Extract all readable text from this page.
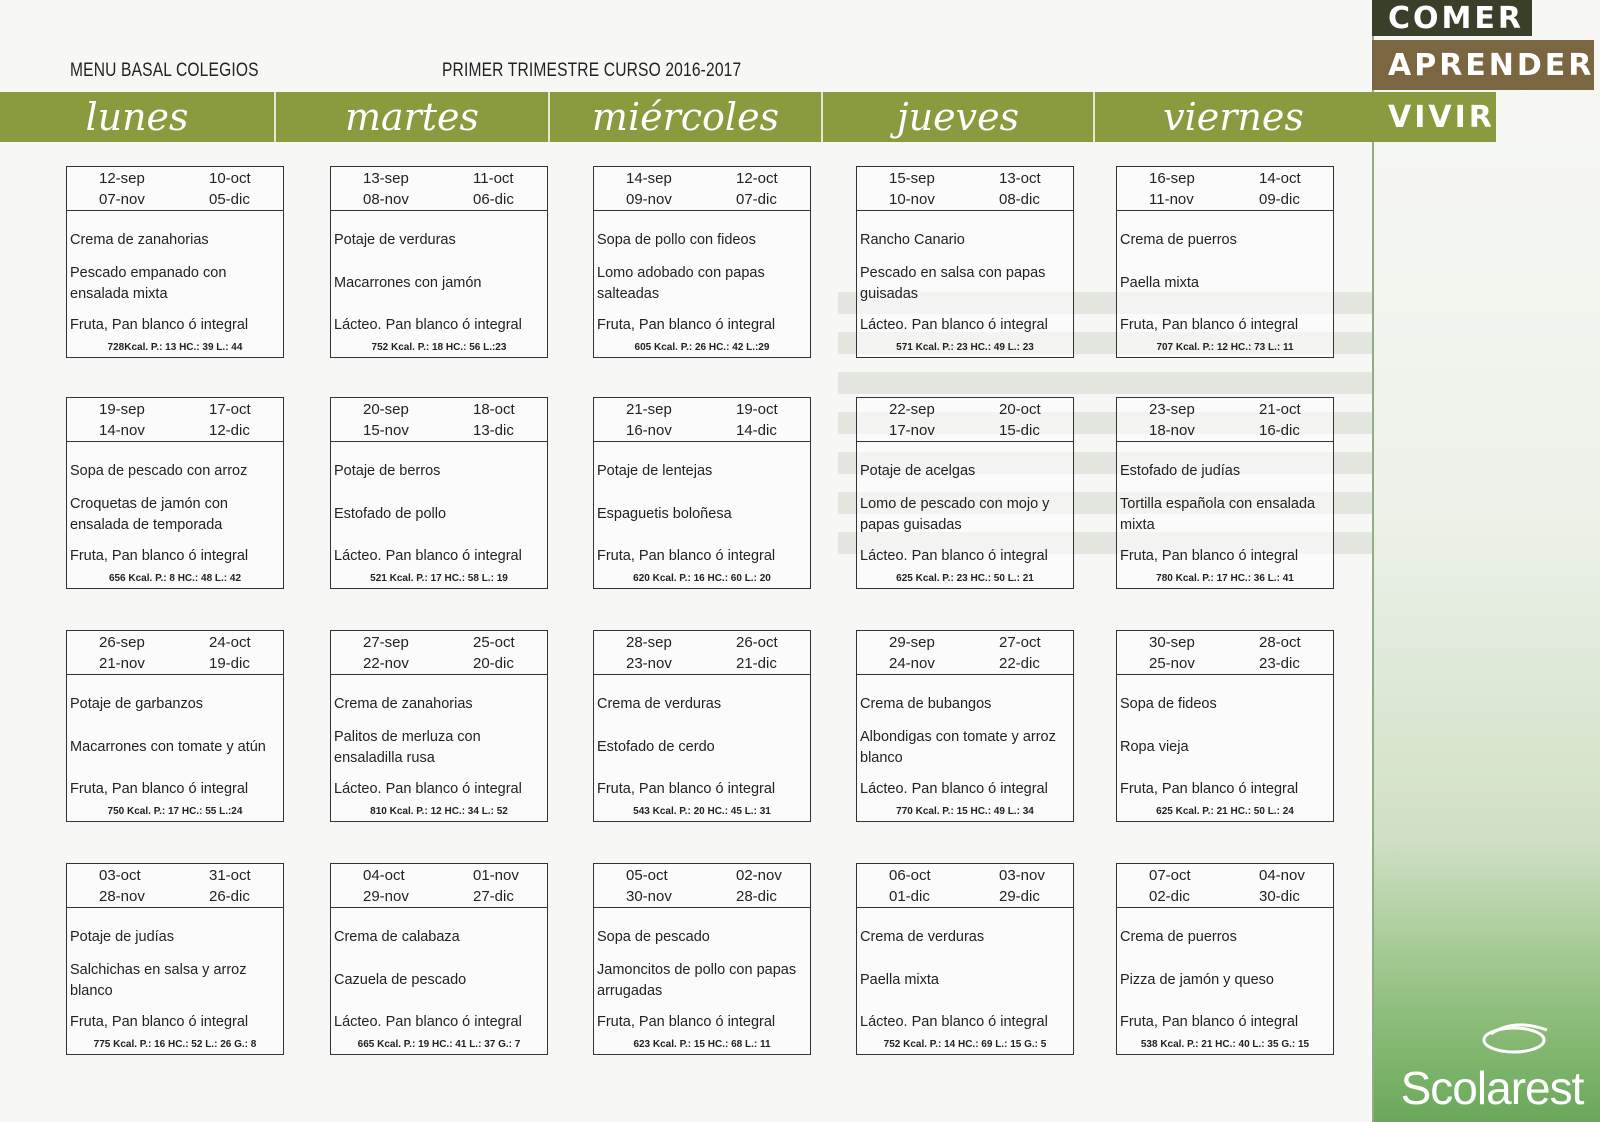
MENU BASAL COLEGIOS	PRIMER TRIMESTRE CURSO 2016-2017
lunes	martes	miércoles	jueves	viernes
COMER
APRENDER
VIVIR
12-sep	10-oct
07-nov	05-dic
Crema de zanahorias
Pescado empanado con ensalada mixta
Fruta, Pan blanco ó integral
728Kcal. P.: 13 HC.: 39 L.: 44
13-sep	11-oct
08-nov	06-dic
Potaje de verduras
Macarrones con jamón
Lácteo. Pan blanco ó integral
752 Kcal. P.: 18 HC.: 56 L.:23
14-sep	12-oct
09-nov	07-dic
Sopa de pollo con fideos
Lomo adobado con papas salteadas
Fruta, Pan blanco ó integral
605 Kcal. P.: 26 HC.: 42 L.:29
15-sep	13-oct
10-nov	08-dic
Rancho Canario
Pescado en salsa con papas guisadas
Lácteo. Pan blanco ó integral
571 Kcal. P.: 23 HC.: 49 L.: 23
16-sep	14-oct
11-nov	09-dic
Crema de puerros
Paella mixta
Fruta, Pan blanco ó integral
707 Kcal. P.: 12 HC.: 73 L.: 11
19-sep	17-oct
14-nov	12-dic
Sopa de pescado con arroz
Croquetas de jamón con ensalada de temporada
Fruta, Pan blanco ó integral
656 Kcal. P.: 8 HC.: 48 L.: 42
20-sep	18-oct
15-nov	13-dic
Potaje de berros
Estofado de pollo
Lácteo. Pan blanco ó integral
521 Kcal. P.: 17 HC.: 58 L.: 19
21-sep	19-oct
16-nov	14-dic
Potaje de lentejas
Espaguetis boloñesa
Fruta, Pan blanco ó integral
620 Kcal. P.: 16 HC.: 60 L.: 20
22-sep	20-oct
17-nov	15-dic
Potaje de acelgas
Lomo de pescado con mojo y papas guisadas
Lácteo. Pan blanco ó integral
625 Kcal. P.: 23 HC.: 50 L.: 21
23-sep	21-oct
18-nov	16-dic
Estofado de judías
Tortilla española con ensalada mixta
Fruta, Pan blanco ó integral
780 Kcal. P.: 17 HC.: 36 L.: 41
26-sep	24-oct
21-nov	19-dic
Potaje de garbanzos
Macarrones con tomate y atún
Fruta, Pan blanco ó integral
750 Kcal. P.: 17 HC.: 55 L.:24
27-sep	25-oct
22-nov	20-dic
Crema de zanahorias
Palitos de merluza con ensaladilla rusa
Lácteo. Pan blanco ó integral
810 Kcal. P.: 12 HC.: 34 L.: 52
28-sep	26-oct
23-nov	21-dic
Crema de verduras
Estofado de cerdo
Fruta, Pan blanco ó integral
543 Kcal. P.: 20 HC.: 45 L.: 31
29-sep	27-oct
24-nov	22-dic
Crema de bubangos
Albondigas con tomate y arroz blanco
Lácteo. Pan blanco ó integral
770 Kcal. P.: 15 HC.: 49 L.: 34
30-sep	28-oct
25-nov	23-dic
Sopa de fideos
Ropa vieja
Fruta, Pan blanco ó integral
625 Kcal. P.: 21 HC.: 50 L.: 24
03-oct	31-oct
28-nov	26-dic
Potaje de judías
Salchichas en salsa y arroz blanco
Fruta, Pan blanco ó integral
775 Kcal. P.: 16 HC.: 52 L.: 26 G.: 8
04-oct	01-nov
29-nov	27-dic
Crema de calabaza
Cazuela de pescado
Lácteo. Pan blanco ó integral
665 Kcal. P.: 19 HC.: 41 L.: 37 G.: 7
05-oct	02-nov
30-nov	28-dic
Sopa de pescado
Jamoncitos de pollo con papas arrugadas
Fruta, Pan blanco ó integral
623 Kcal. P.: 15 HC.: 68 L.: 11
06-oct	03-nov
01-dic	29-dic
Crema de verduras
Paella mixta
Lácteo. Pan blanco ó integral
752 Kcal. P.: 14 HC.: 69 L.: 15 G.: 5
07-oct	04-nov
02-dic	30-dic
Crema de puerros
Pizza de jamón y queso
Fruta, Pan blanco ó integral
538 Kcal. P.: 21 HC.: 40 L.: 35 G.: 15
Scolarest
